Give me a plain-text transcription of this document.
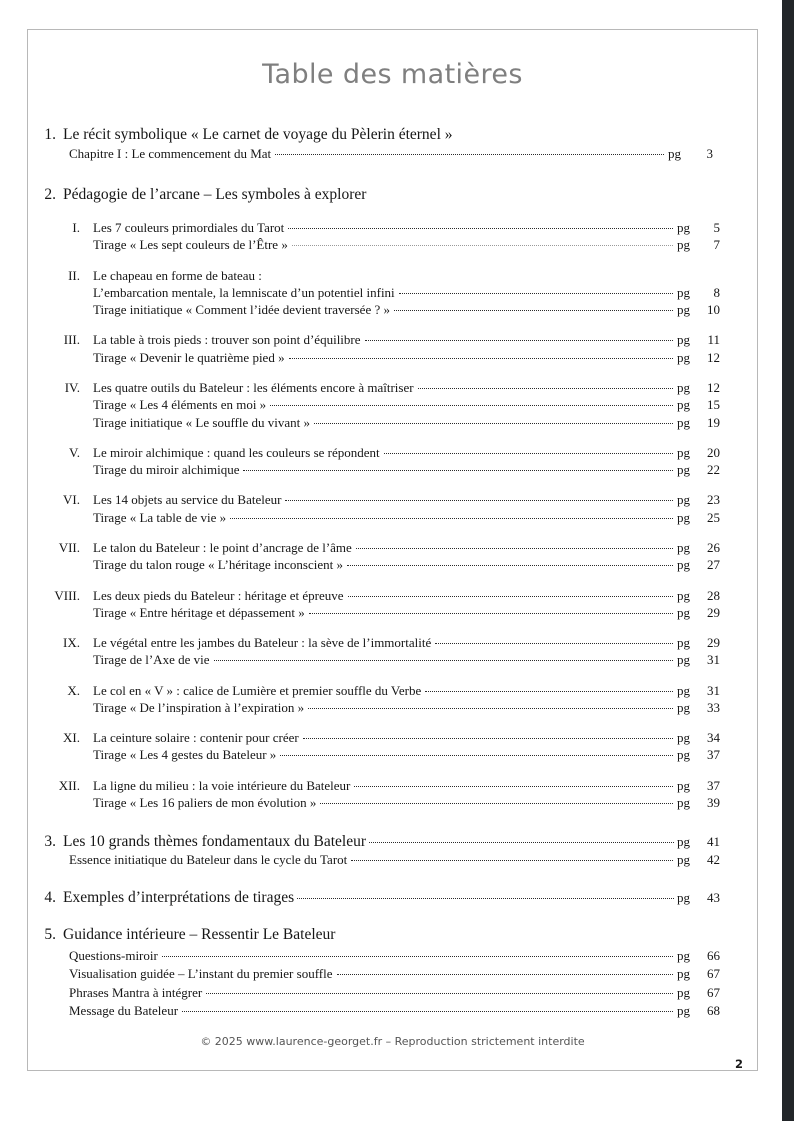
Table des matières
1. Le récit symbolique « Le carnet de voyage du Pèlerin éternel »
Chapitre I : Le commencement du Mat	pg	3
2. Pédagogie de l’arcane – Les symboles à explorer
I. Les 7 couleurs primordiales du Tarot	pg	5
Tirage « Les sept couleurs de l’Être »	pg	7
II. Le chapeau en forme de bateau :
L’embarcation mentale, la lemniscate d’un potentiel infini	pg	8
Tirage initiatique « Comment l’idée devient traversée ? »	pg	10
III. La table à trois pieds : trouver son point d’équilibre	pg	11
Tirage « Devenir le quatrième pied »	pg	12
IV. Les quatre outils du Bateleur : les éléments encore à maîtriser	pg	12
Tirage « Les 4 éléments en moi »	pg	15
Tirage initiatique « Le souffle du vivant »	pg	19
V. Le miroir alchimique : quand les couleurs se répondent	pg	20
Tirage du miroir alchimique	pg	22
VI. Les 14 objets au service du Bateleur	pg	23
Tirage « La table de vie »	pg	25
VII. Le talon du Bateleur : le point d’ancrage de l’âme	pg	26
Tirage du talon rouge « L’héritage inconscient »	pg	27
VIII. Les deux pieds du Bateleur : héritage et épreuve	pg	28
Tirage « Entre héritage et dépassement »	pg	29
IX. Le végétal entre les jambes du Bateleur : la sève de l’immortalité	pg	29
Tirage de l’Axe de vie	pg	31
X. Le col en « V » : calice de Lumière et premier souffle du Verbe	pg	31
Tirage « De l’inspiration à l’expiration »	pg	33
XI. La ceinture solaire : contenir pour créer	pg	34
Tirage « Les 4 gestes du Bateleur »	pg	37
XII. La ligne du milieu : la voie intérieure du Bateleur	pg	37
Tirage « Les 16 paliers de mon évolution »	pg	39
3. Les 10 grands thèmes fondamentaux du Bateleur	pg	41
Essence initiatique du Bateleur dans le cycle du Tarot	pg	42
4. Exemples d’interprétations de tirages	pg	43
5. Guidance intérieure – Ressentir Le Bateleur
Questions-miroir	pg	66
Visualisation guidée – L’instant du premier souffle	pg	67
Phrases Mantra à intégrer	pg	67
Message du Bateleur	pg	68
© 2025 www.laurence-georget.fr – Reproduction strictement interdite
2
